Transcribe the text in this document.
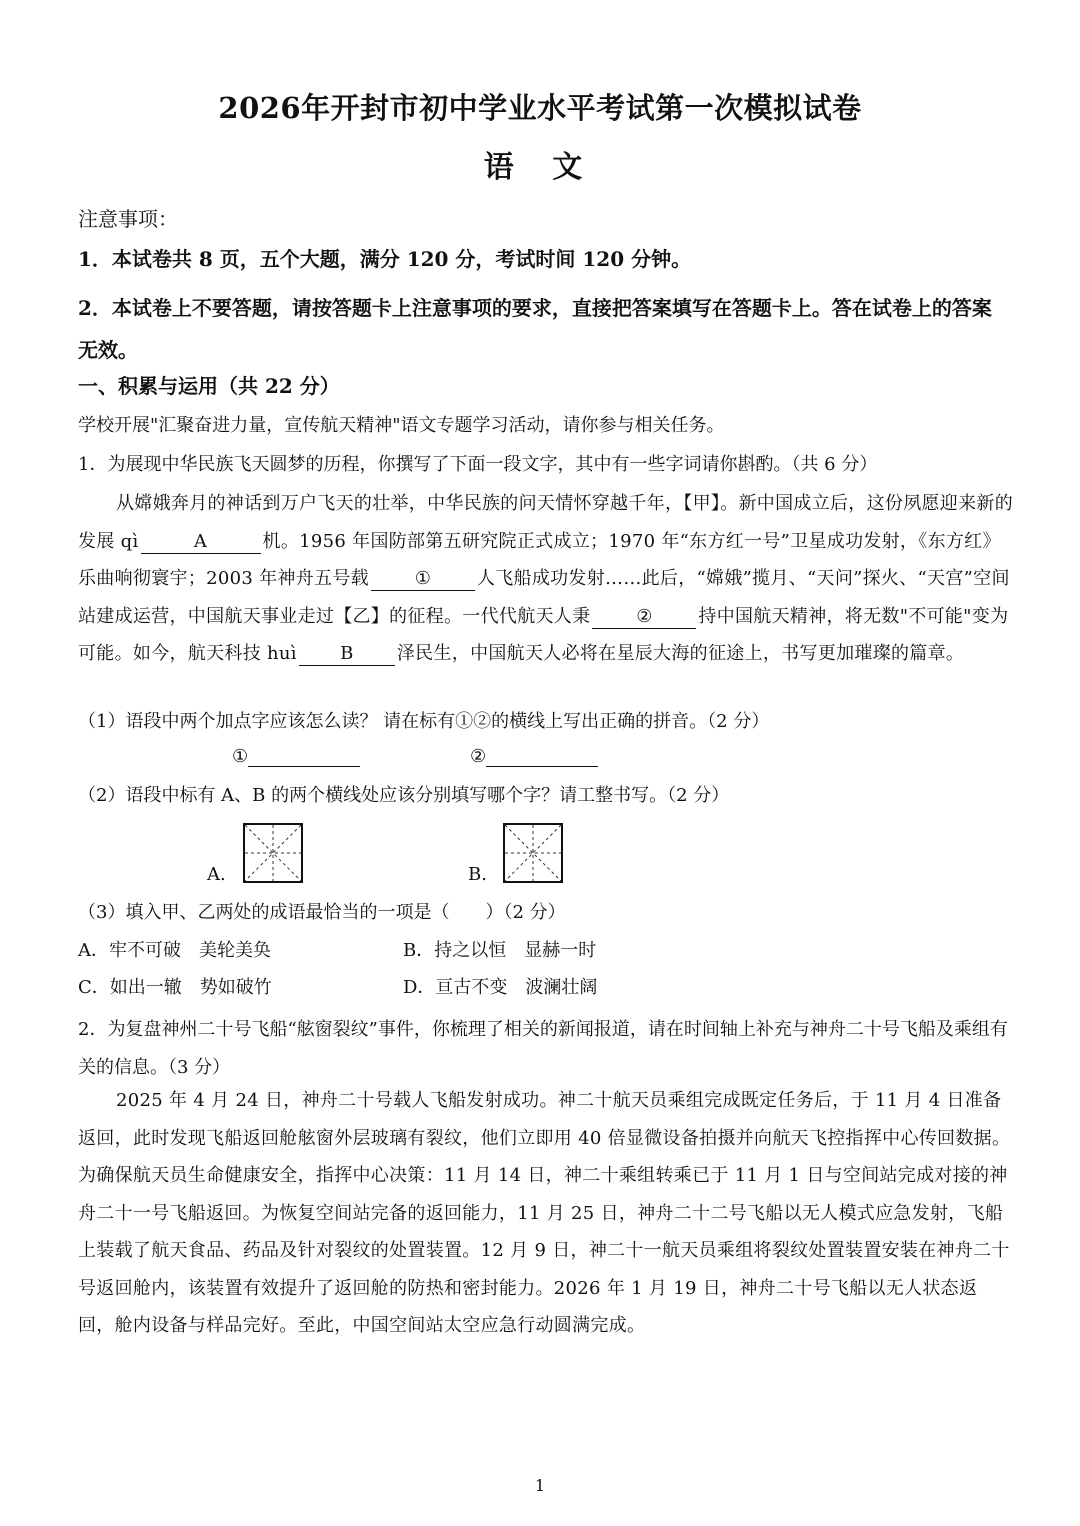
2026年开封市初中学业水平考试第一次模拟试卷
语 文
注意事项：
1．本试卷共 8 页，五个大题，满分 120 分，考试时间 120 分钟。
2．本试卷上不要答题，请按答题卡上注意事项的要求，直接把答案填写在答题卡上。答在试卷上的答案无效。
一、积累与运用（共 22 分）
学校开展"汇聚奋进力量，宣传航天精神"语文专题学习活动，请你参与相关任务。
1．为展现中华民族飞天圆梦的历程，你撰写了下面一段文字，其中有一些字词请你斟酌。（共 6 分）
从嫦娥奔月的神话到万户飞天的壮举，中华民族的问天情怀穿越千年，【甲】。新中国成立后，这份夙愿迎来新的发展 qì	A	机。1956 年国防部第五研究院正式成立；1970 年“东方红一号”卫星成功发射，《东方红》乐曲响彻寰宇；2003 年神舟五号载	①	人飞船成功发射……此后，“嫦娥”揽月、“天问”探火、“天宫”空间站建成运营，中国航天事业走过【乙】的征程。一代代航天人秉	②	持中国航天精神，将无数"不可能"变为可能。如今，航天科技 huì B 泽民生，中国航天人必将在星辰大海的征途上，书写更加璀璨的篇章。
（1）语段中两个加点字应该怎么读？ 请在标有①②的横线上写出正确的拼音。（2 分）
①	②
（2）语段中标有 A、B 的两个横线处应该分别填写哪个字？请工整书写。（2 分）
A.	B.
（3）填入甲、乙两处的成语最恰当的一项是（　　）（2 分）
A．牢不可破　美轮美奂	B．持之以恒　显赫一时
C．如出一辙　势如破竹	D．亘古不变　波澜壮阔
2．为复盘神州二十号飞船“舷窗裂纹”事件，你梳理了相关的新闻报道，请在时间轴上补充与神舟二十号飞船及乘组有关的信息。（3 分）
2025 年 4 月 24 日，神舟二十号载人飞船发射成功。神二十航天员乘组完成既定任务后，于 11 月 4 日准备返回，此时发现飞船返回舱舷窗外层玻璃有裂纹，他们立即用 40 倍显微设备拍摄并向航天飞控指挥中心传回数据。为确保航天员生命健康安全，指挥中心决策：11 月 14 日，神二十乘组转乘已于 11 月 1 日与空间站完成对接的神舟二十一号飞船返回。为恢复空间站完备的返回能力，11 月 25 日，神舟二十二号飞船以无人模式应急发射，飞船上装载了航天食品、药品及针对裂纹的处置装置。12 月 9 日，神二十一航天员乘组将裂纹处置装置安装在神舟二十号返回舱内，该装置有效提升了返回舱的防热和密封能力。2026 年 1 月 19 日，神舟二十号飞船以无人状态返回，舱内设备与样品完好。至此，中国空间站太空应急行动圆满完成。
1
